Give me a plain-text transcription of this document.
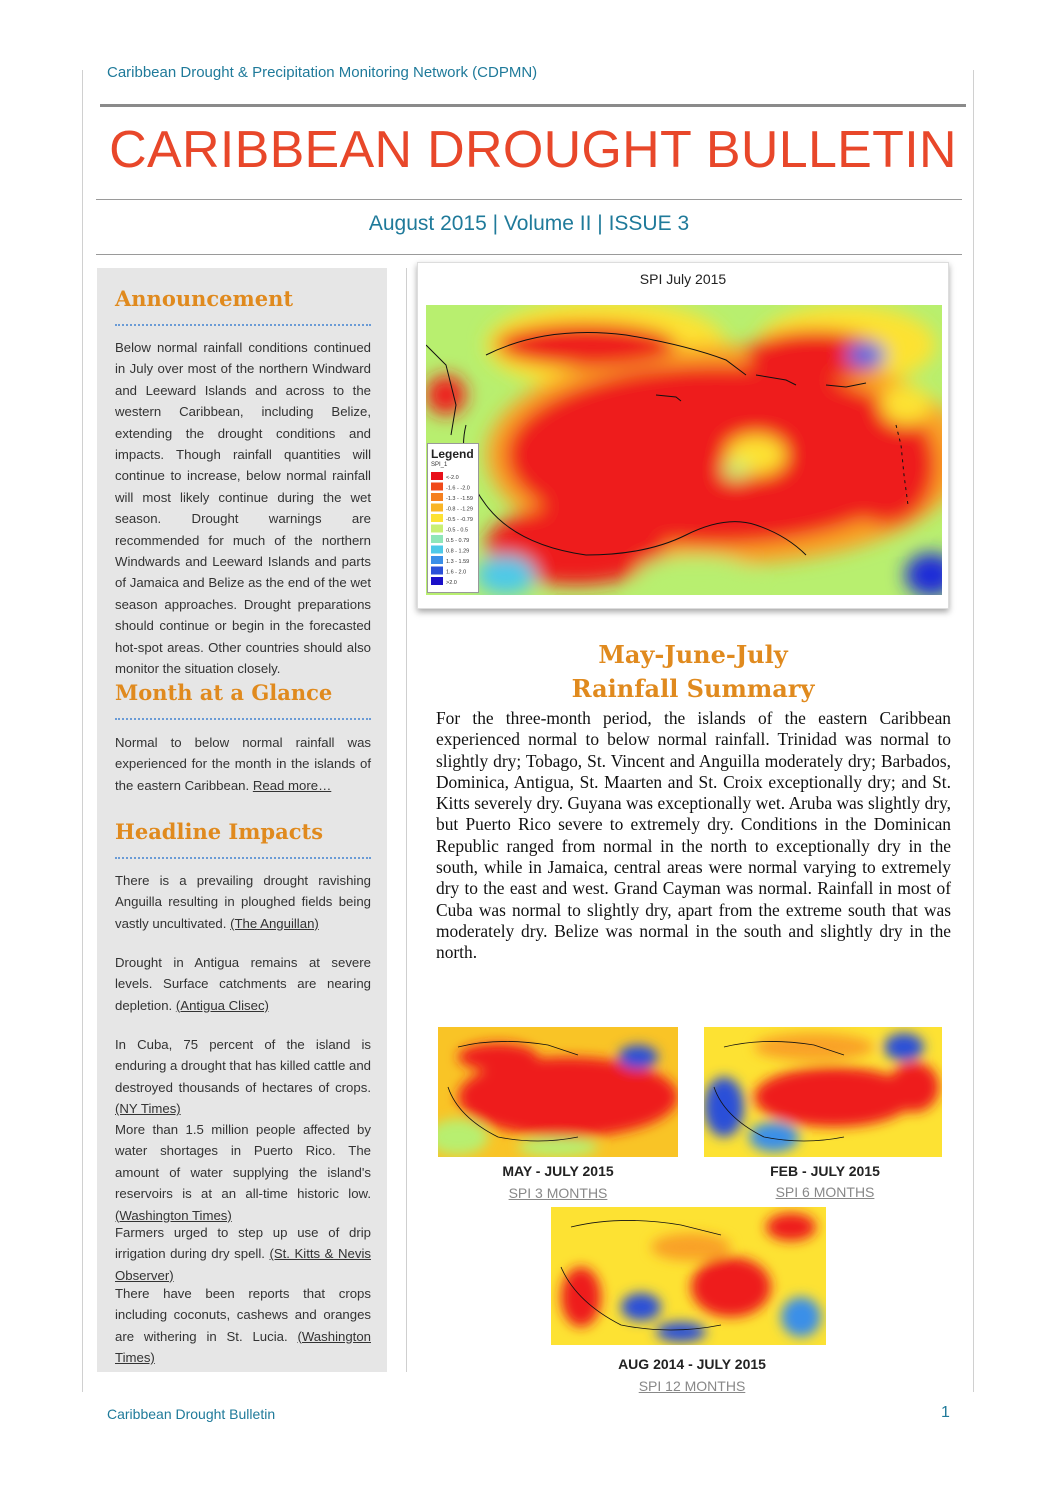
Caribbean Drought & Precipitation Monitoring Network (CDPMN)
CARIBBEAN DROUGHT BULLETIN
August 2015 | Volume II | ISSUE 3
Announcement
Below normal rainfall conditions continued in July over most of the northern Windward and Leeward Islands and across to the western Caribbean, including Belize, extending the drought conditions and impacts. Though rainfall quantities will continue to increase, below normal rainfall will most likely continue during the wet season. Drought warnings are recommended for much of the northern Windwards and Leeward Islands and parts of Jamaica and Belize as the end of the wet season approaches. Drought preparations should continue or begin in the forecasted hot-spot areas. Other countries should also monitor the situation closely.
Month at a Glance
Normal to below normal rainfall was experienced for the month in the islands of the eastern Caribbean. Read more…
Headline Impacts
There is a prevailing drought ravishing Anguilla resulting in ploughed fields being vastly uncultivated. (The Anguillan)
Drought in Antigua remains at severe levels. Surface catchments are nearing depletion. (Antigua Clisec)
In Cuba, 75 percent of the island is enduring a drought that has killed cattle and destroyed thousands of hectares of crops. (NY Times)
More than 1.5 million people affected by water shortages in Puerto Rico. The amount of water supplying the island's reservoirs is at an all-time historic low. (Washington Times)
Farmers urged to step up use of drip irrigation during dry spell. (St. Kitts & Nevis Observer)
There have been reports that crops including coconuts, cashews and oranges are withering in St. Lucia. (Washington Times)
SPI July 2015
Legend
SPI_1
<-2.0
-1.6 - -2.0
-1.3 - -1.59
-0.8 - -1.29
-0.5 - -0.79
-0.5 - 0.5
0.5 - 0.79
0.8 - 1.29
1.3 - 1.59
1.6 - 2.0
>2.0
May-June-July
Rainfall Summary
For the three-month period, the islands of the eastern Caribbean experienced normal to below normal rainfall. Trinidad was normal to slightly dry; Tobago, St. Vincent and Anguilla moderately dry; Barbados, Dominica, Antigua, St. Maarten and St. Croix exceptionally dry; and St. Kitts severely dry. Guyana was exceptionally wet. Aruba was slightly dry, but Puerto Rico severe to extremely dry. Conditions in the Dominican Republic ranged from normal in the north to exceptionally dry in the south, while in Jamaica, central areas were normal varying to extremely dry to the east and west. Grand Cayman was normal. Rainfall in most of Cuba was normal to slightly dry, apart from the extreme south that was moderately dry. Belize was normal in the south and slightly dry in the north.
MAY - JULY 2015
SPI 3 MONTHS
FEB - JULY 2015
SPI 6 MONTHS
AUG 2014 - JULY 2015
SPI 12 MONTHS
Caribbean Drought Bulletin	1
